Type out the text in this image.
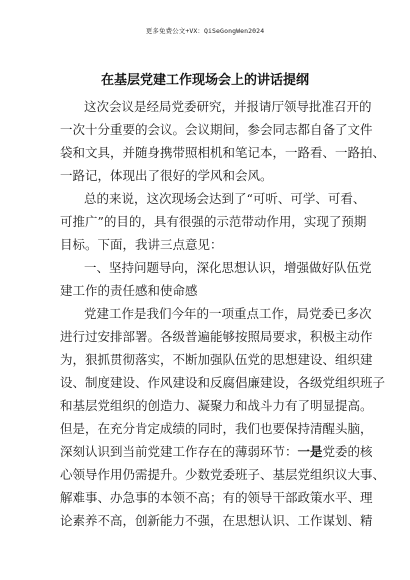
更多免费公文+VX：QiSeGongWen2024
在基层党建工作现场会上的讲话提纲
这次会议是经局党委研究，并报请厅领导批准召开的
一次十分重要的会议。会议期间，参会同志都自备了文件
袋和文具，并随身携带照相机和笔记本，一路看、一路拍、
一路记，体现出了很好的学风和会风。
总的来说，这次现场会达到了“可听、可学、可看、
可推广”的目的，具有很强的示范带动作用，实现了预期
目标。下面，我讲三点意见：
一、坚持问题导向，深化思想认识，增强做好队伍党
建工作的责任感和使命感
党建工作是我们今年的一项重点工作，局党委已多次
进行过安排部署。各级普遍能够按照局要求，积极主动作
为，狠抓贯彻落实，不断加强队伍党的思想建设、组织建
设、制度建设、作风建设和反腐倡廉建设，各级党组织班子
和基层党组织的创造力、凝聚力和战斗力有了明显提高。
但是，在充分肯定成绩的同时，我们也要保持清醒头脑，
深刻认识到当前党建工作存在的薄弱环节：一是党委的核
心领导作用仍需提升。少数党委班子、基层党组织议大事、
解难事、办急事的本领不高；有的领导干部政策水平、理
论素养不高，创新能力不强，在思想认识、工作谋划、精
